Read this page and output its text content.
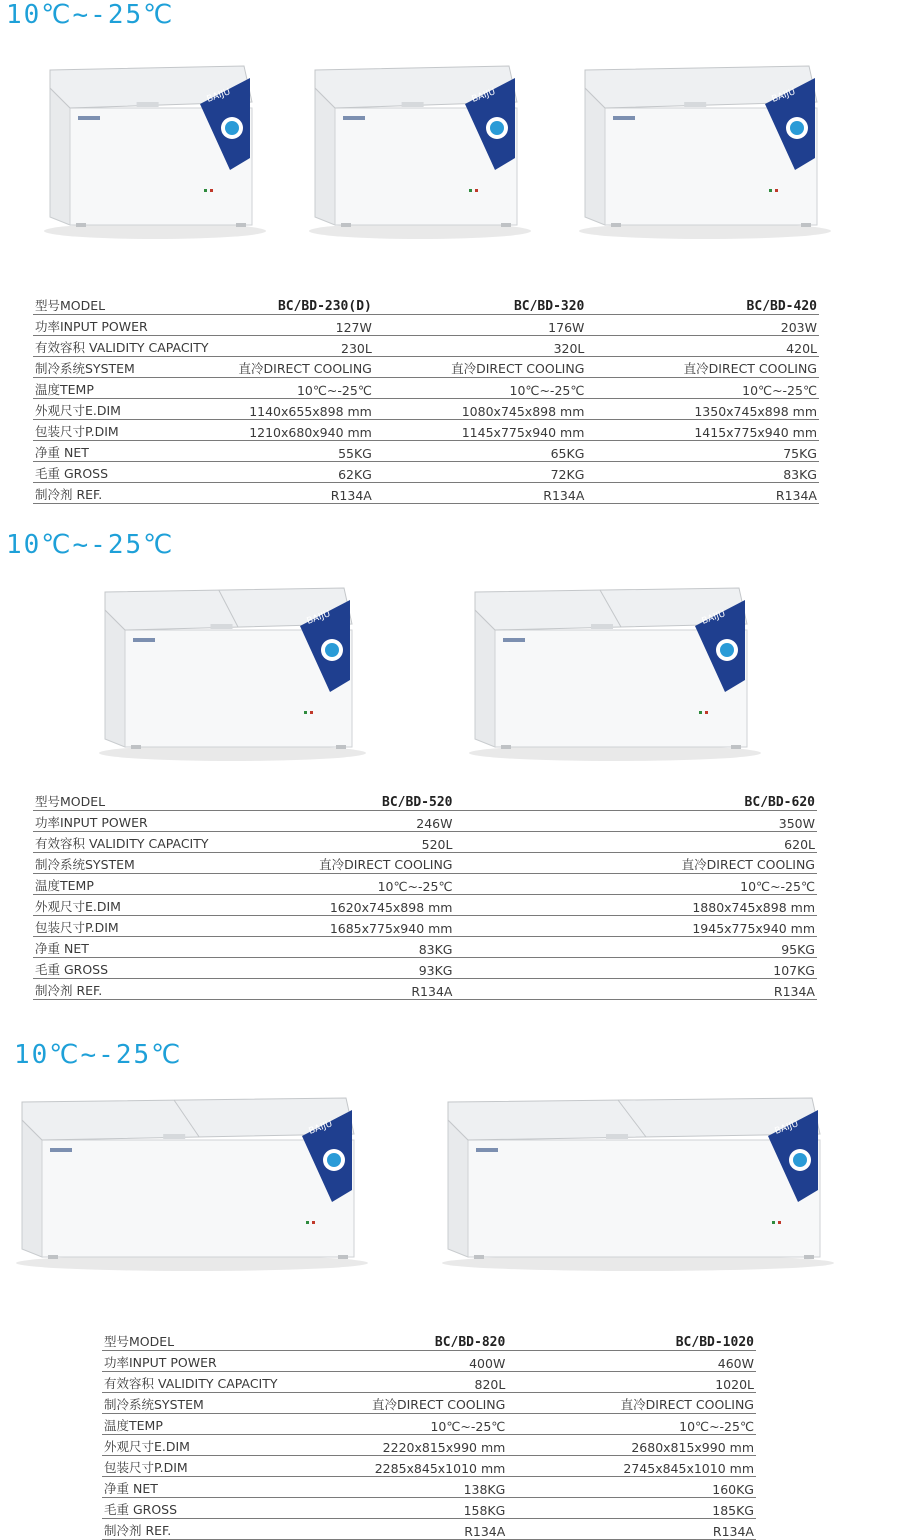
10℃~-25℃
BAIJU	BAIJU	BAIJU
型号MODEL	BC/BD-230(D)	BC/BD-320	BC/BD-420
功率INPUT POWER	127W	176W	203W
有效容积 VALIDITY CAPACITY	230L	320L	420L
制冷系统SYSTEM	直冷DIRECT COOLING	直冷DIRECT COOLING	直冷DIRECT COOLING
温度TEMP	10℃~-25℃	10℃~-25℃	10℃~-25℃
外观尺寸E.DIM	1140x655x898 mm	1080x745x898 mm	1350x745x898 mm
包装尺寸P.DIM	1210x680x940 mm	1145x775x940 mm	1415x775x940 mm
净重 NET	55KG	65KG	75KG
毛重 GROSS	62KG	72KG	83KG
制冷剂 REF.	R134A	R134A	R134A
10℃~-25℃
BAIJU	BAIJU
型号MODEL	BC/BD-520	BC/BD-620
功率INPUT POWER	246W	350W
有效容积 VALIDITY CAPACITY	520L	620L
制冷系统SYSTEM	直冷DIRECT COOLING	直冷DIRECT COOLING
温度TEMP	10℃~-25℃	10℃~-25℃
外观尺寸E.DIM	1620x745x898 mm	1880x745x898 mm
包装尺寸P.DIM	1685x775x940 mm	1945x775x940 mm
净重 NET	83KG	95KG
毛重 GROSS	93KG	107KG
制冷剂 REF.	R134A	R134A
10℃~-25℃
BAIJU	BAIJU
型号MODEL	BC/BD-820	BC/BD-1020
功率INPUT POWER	400W	460W
有效容积 VALIDITY CAPACITY	820L	1020L
制冷系统SYSTEM	直冷DIRECT COOLING	直冷DIRECT COOLING
温度TEMP	10℃~-25℃	10℃~-25℃
外观尺寸E.DIM	2220x815x990 mm	2680x815x990 mm
包装尺寸P.DIM	2285x845x1010 mm	2745x845x1010 mm
净重 NET	138KG	160KG
毛重 GROSS	158KG	185KG
制冷剂 REF.	R134A	R134A
